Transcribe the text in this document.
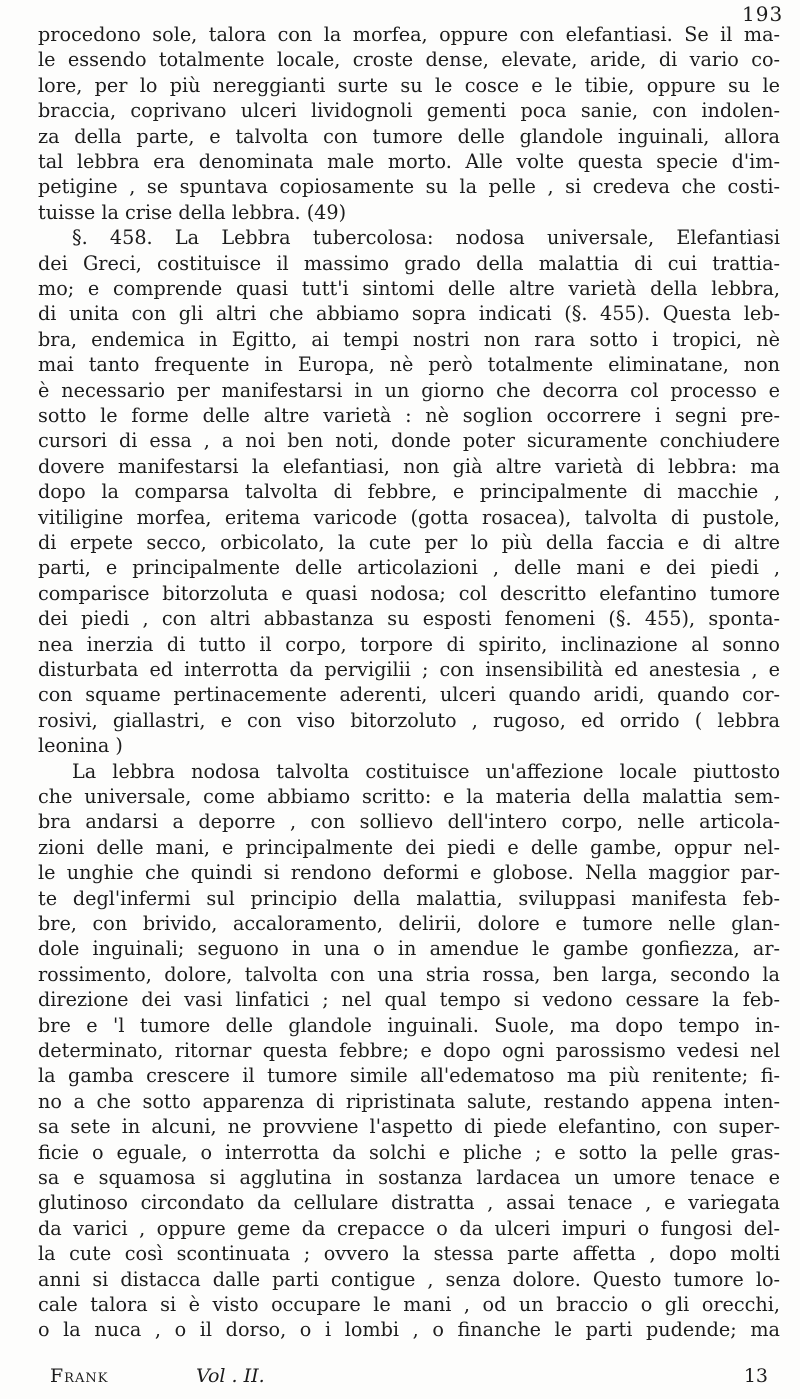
193
procedono sole, talora con la morfea, oppure con elefantiasi. Se il ma-
le essendo totalmente locale, croste dense, elevate, aride, di vario co-
lore, per lo più nereggianti surte su le cosce e le tibie, oppure su le
braccia, coprivano ulceri lividognoli gementi poca sanie, con indolen-
za della parte, e talvolta con tumore delle glandole inguinali, allora
tal lebbra era denominata male morto. Alle volte questa specie d'im-
petigine , se spuntava copiosamente su la pelle , si credeva che costi-
tuisse la crise della lebbra. (49)
§. 458. La Lebbra tubercolosa: nodosa universale, Elefantiasi
dei Greci, costituisce il massimo grado della malattia di cui trattia-
mo; e comprende quasi tutt'i sintomi delle altre varietà della lebbra,
di unita con gli altri che abbiamo sopra indicati (§. 455). Questa leb-
bra, endemica in Egitto, ai tempi nostri non rara sotto i tropici, nè
mai tanto frequente in Europa, nè però totalmente eliminatane, non
è necessario per manifestarsi in un giorno che decorra col processo e
sotto le forme delle altre varietà : nè soglion occorrere i segni pre-
cursori di essa , a noi ben noti, donde poter sicuramente conchiudere
dovere manifestarsi la elefantiasi, non già altre varietà di lebbra: ma
dopo la comparsa talvolta di febbre, e principalmente di macchie ,
vitiligine morfea, eritema varicode (gotta rosacea), talvolta di pustole,
di erpete secco, orbicolato, la cute per lo più della faccia e di altre
parti, e principalmente delle articolazioni , delle mani e dei piedi ,
comparisce bitorzoluta e quasi nodosa; col descritto elefantino tumore
dei piedi , con altri abbastanza su esposti fenomeni (§. 455), sponta-
nea inerzia di tutto il corpo, torpore di spirito, inclinazione al sonno
disturbata ed interrotta da pervigilii ; con insensibilità ed anestesia , e
con squame pertinacemente aderenti, ulceri quando aridi, quando cor-
rosivi, giallastri, e con viso bitorzoluto , rugoso, ed orrido ( lebbra
leonina )
La lebbra nodosa talvolta costituisce un'affezione locale piuttosto
che universale, come abbiamo scritto: e la materia della malattia sem-
bra andarsi a deporre , con sollievo dell'intero corpo, nelle articola-
zioni delle mani, e principalmente dei piedi e delle gambe, oppur nel-
le unghie che quindi si rendono deformi e globose. Nella maggior par-
te degl'infermi sul principio della malattia, sviluppasi manifesta feb-
bre, con brivido, accaloramento, delirii, dolore e tumore nelle glan-
dole inguinali; seguono in una o in amendue le gambe gonfiezza, ar-
rossimento, dolore, talvolta con una stria rossa, ben larga, secondo la
direzione dei vasi linfatici ; nel qual tempo si vedono cessare la feb-
bre e 'l tumore delle glandole inguinali. Suole, ma dopo tempo in-
determinato, ritornar questa febbre; e dopo ogni parossismo vedesi nel
la gamba crescere il tumore simile all'edematoso ma più renitente; fi-
no a che sotto apparenza di ripristinata salute, restando appena inten-
sa sete in alcuni, ne provviene l'aspetto di piede elefantino, con super-
ficie o eguale, o interrotta da solchi e pliche ; e sotto la pelle gras-
sa e squamosa si agglutina in sostanza lardacea un umore tenace e
glutinoso circondato da cellulare distratta , assai tenace , e variegata
da varici , oppure geme da crepacce o da ulceri impuri o fungosi del-
la cute così scontinuata ; ovvero la stessa parte affetta , dopo molti
anni si distacca dalle parti contigue , senza dolore. Questo tumore lo-
cale talora si è visto occupare le mani , od un braccio o gli orecchi,
o la nuca , o il dorso, o i lombi , o finanche le parti pudende; ma
Frank	Vol . II.	13
